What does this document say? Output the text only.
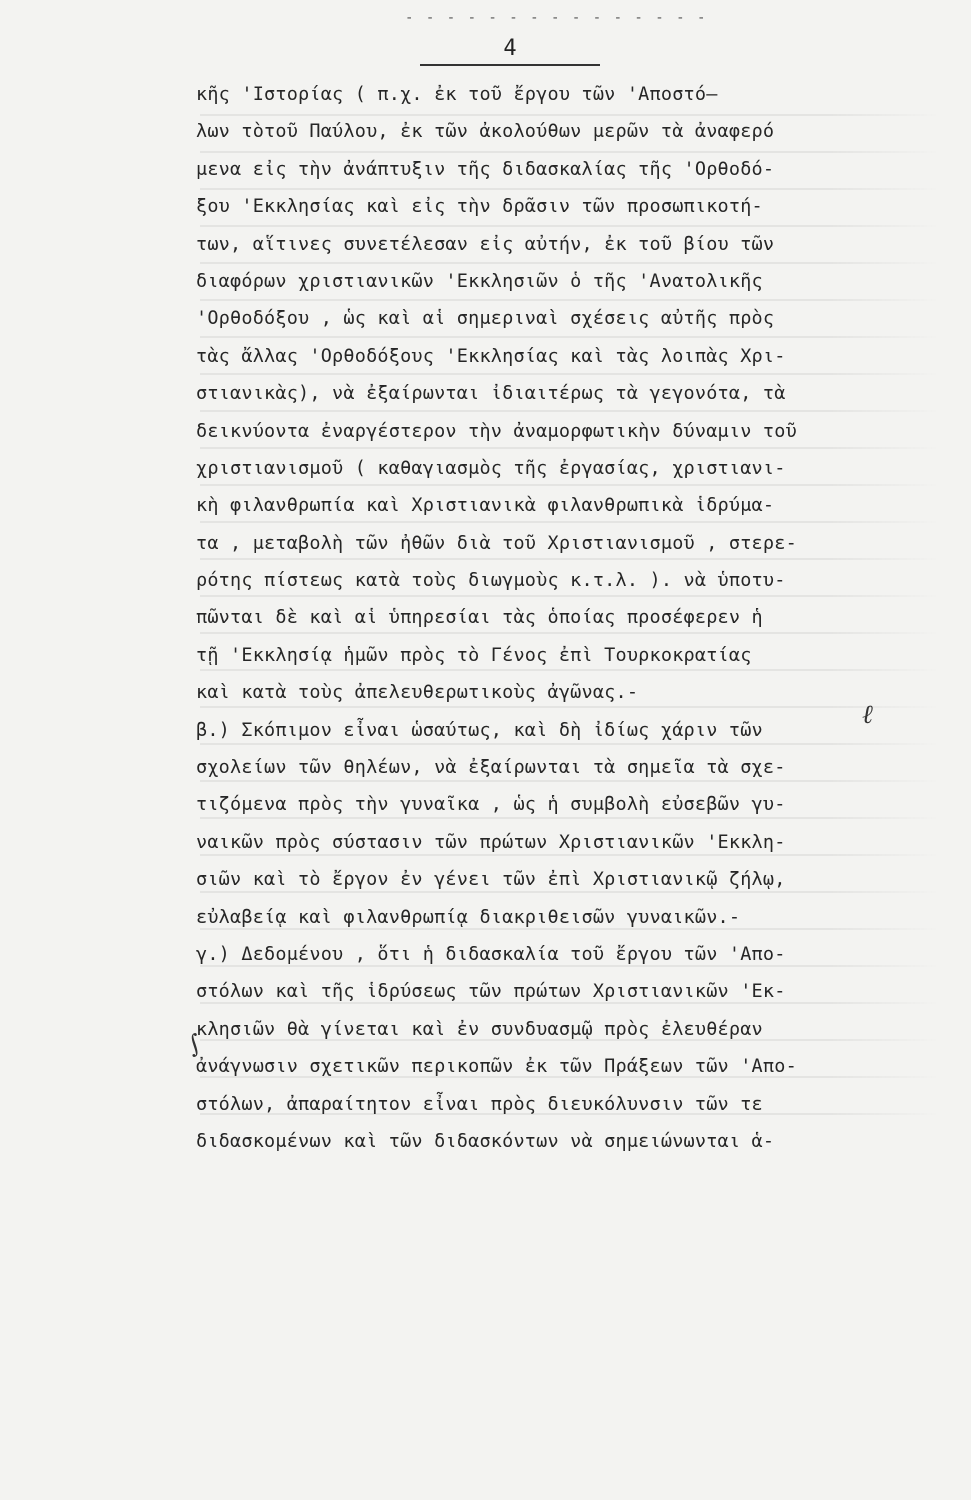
- - - - - - - - - - - - - - -
4
κῆς 'Ιστορίας ( π.χ. ἐκ τοῦ ἔργου τῶν 'Αποστό—
λων τὸτοῦ Παύλου, ἐκ τῶν ἀκολούθων μερῶν τὰ ἀναφερό
μενα εἰς τὴν ἀνάπτυξιν τῆς διδασκαλίας τῆς 'Ορθοδό-
ξου 'Εκκλησίας καὶ εἰς τὴν δρᾶσιν τῶν προσωπικοτή-
των, αἵτινες συνετέλεσαν εἰς αὐτήν, ἐκ τοῦ βίου τῶν
διαφόρων χριστιανικῶν 'Εκκλησιῶν ὁ τῆς 'Ανατολικῆς
'Ορθοδόξου , ὡς καὶ αἱ σημεριναὶ σχέσεις αὐτῆς πρὸς
τὰς ἄλλας 'Ορθοδόξους 'Εκκλησίας καὶ τὰς λοιπὰς Χρι-
στιανικὰς), νὰ ἐξαίρωνται ἰδιαιτέρως τὰ γεγονότα, τὰ
δεικνύοντα ἐναργέστερον τὴν ἀναμορφωτικὴν δύναμιν τοῦ
χριστιανισμοῦ ( καθαγιασμὸς τῆς ἐργασίας, χριστιανι-
κὴ φιλανθρωπία καὶ Χριστιανικὰ φιλανθρωπικὰ ἱδρύμα-
τα , μεταβολὴ τῶν ἠθῶν διὰ τοῦ Χριστιανισμοῦ , στερε-
ρότης πίστεως κατὰ τοὺς διωγμοὺς κ.τ.λ. ). νὰ ὑποτυ-
πῶνται δὲ καὶ αἱ ὑπηρεσίαι τὰς ὁποίας προσέφερεν ἡ
τῇ 'Εκκλησίᾳ ἡμῶν πρὸς τὸ Γένος ἐπὶ Τουρκοκρατίας
καὶ κατὰ τοὺς ἀπελευθερωτικοὺς ἀγῶνας.-
β.) Σκόπιμον εἶναι ὡσαύτως, καὶ δὴ ἰδίως χάριν τῶν
σχολείων τῶν θηλέων, νὰ ἐξαίρωνται τὰ σημεῖα τὰ σχε-
τιζόμενα πρὸς τὴν γυναῖκα , ὡς ἡ συμβολὴ εὐσεβῶν γυ-
ναικῶν πρὸς σύστασιν τῶν πρώτων Χριστιανικῶν 'Εκκλη-
σιῶν καὶ τὸ ἔργον ἐν γένει τῶν ἐπὶ Χριστιανικῷ ζήλῳ,
εὐλαβείᾳ καὶ φιλανθρωπίᾳ διακριθεισῶν γυναικῶν.-
γ.) Δεδομένου , ὅτι ἡ διδασκαλία τοῦ ἔργου τῶν 'Απο-
στόλων καὶ τῆς ἱδρύσεως τῶν πρώτων Χριστιανικῶν 'Εκ-
κλησιῶν θὰ γίνεται καὶ ἐν συνδυασμῷ πρὸς ἐλευθέραν
ἀνάγνωσιν σχετικῶν περικοπῶν ἐκ τῶν Πράξεων τῶν 'Απο-
στόλων, ἀπαραίτητον εἶναι πρὸς διευκόλυνσιν τῶν τε
διδασκομένων καὶ τῶν διδασκόντων νὰ σημειώνωνται ἁ-
ℓ
∫
